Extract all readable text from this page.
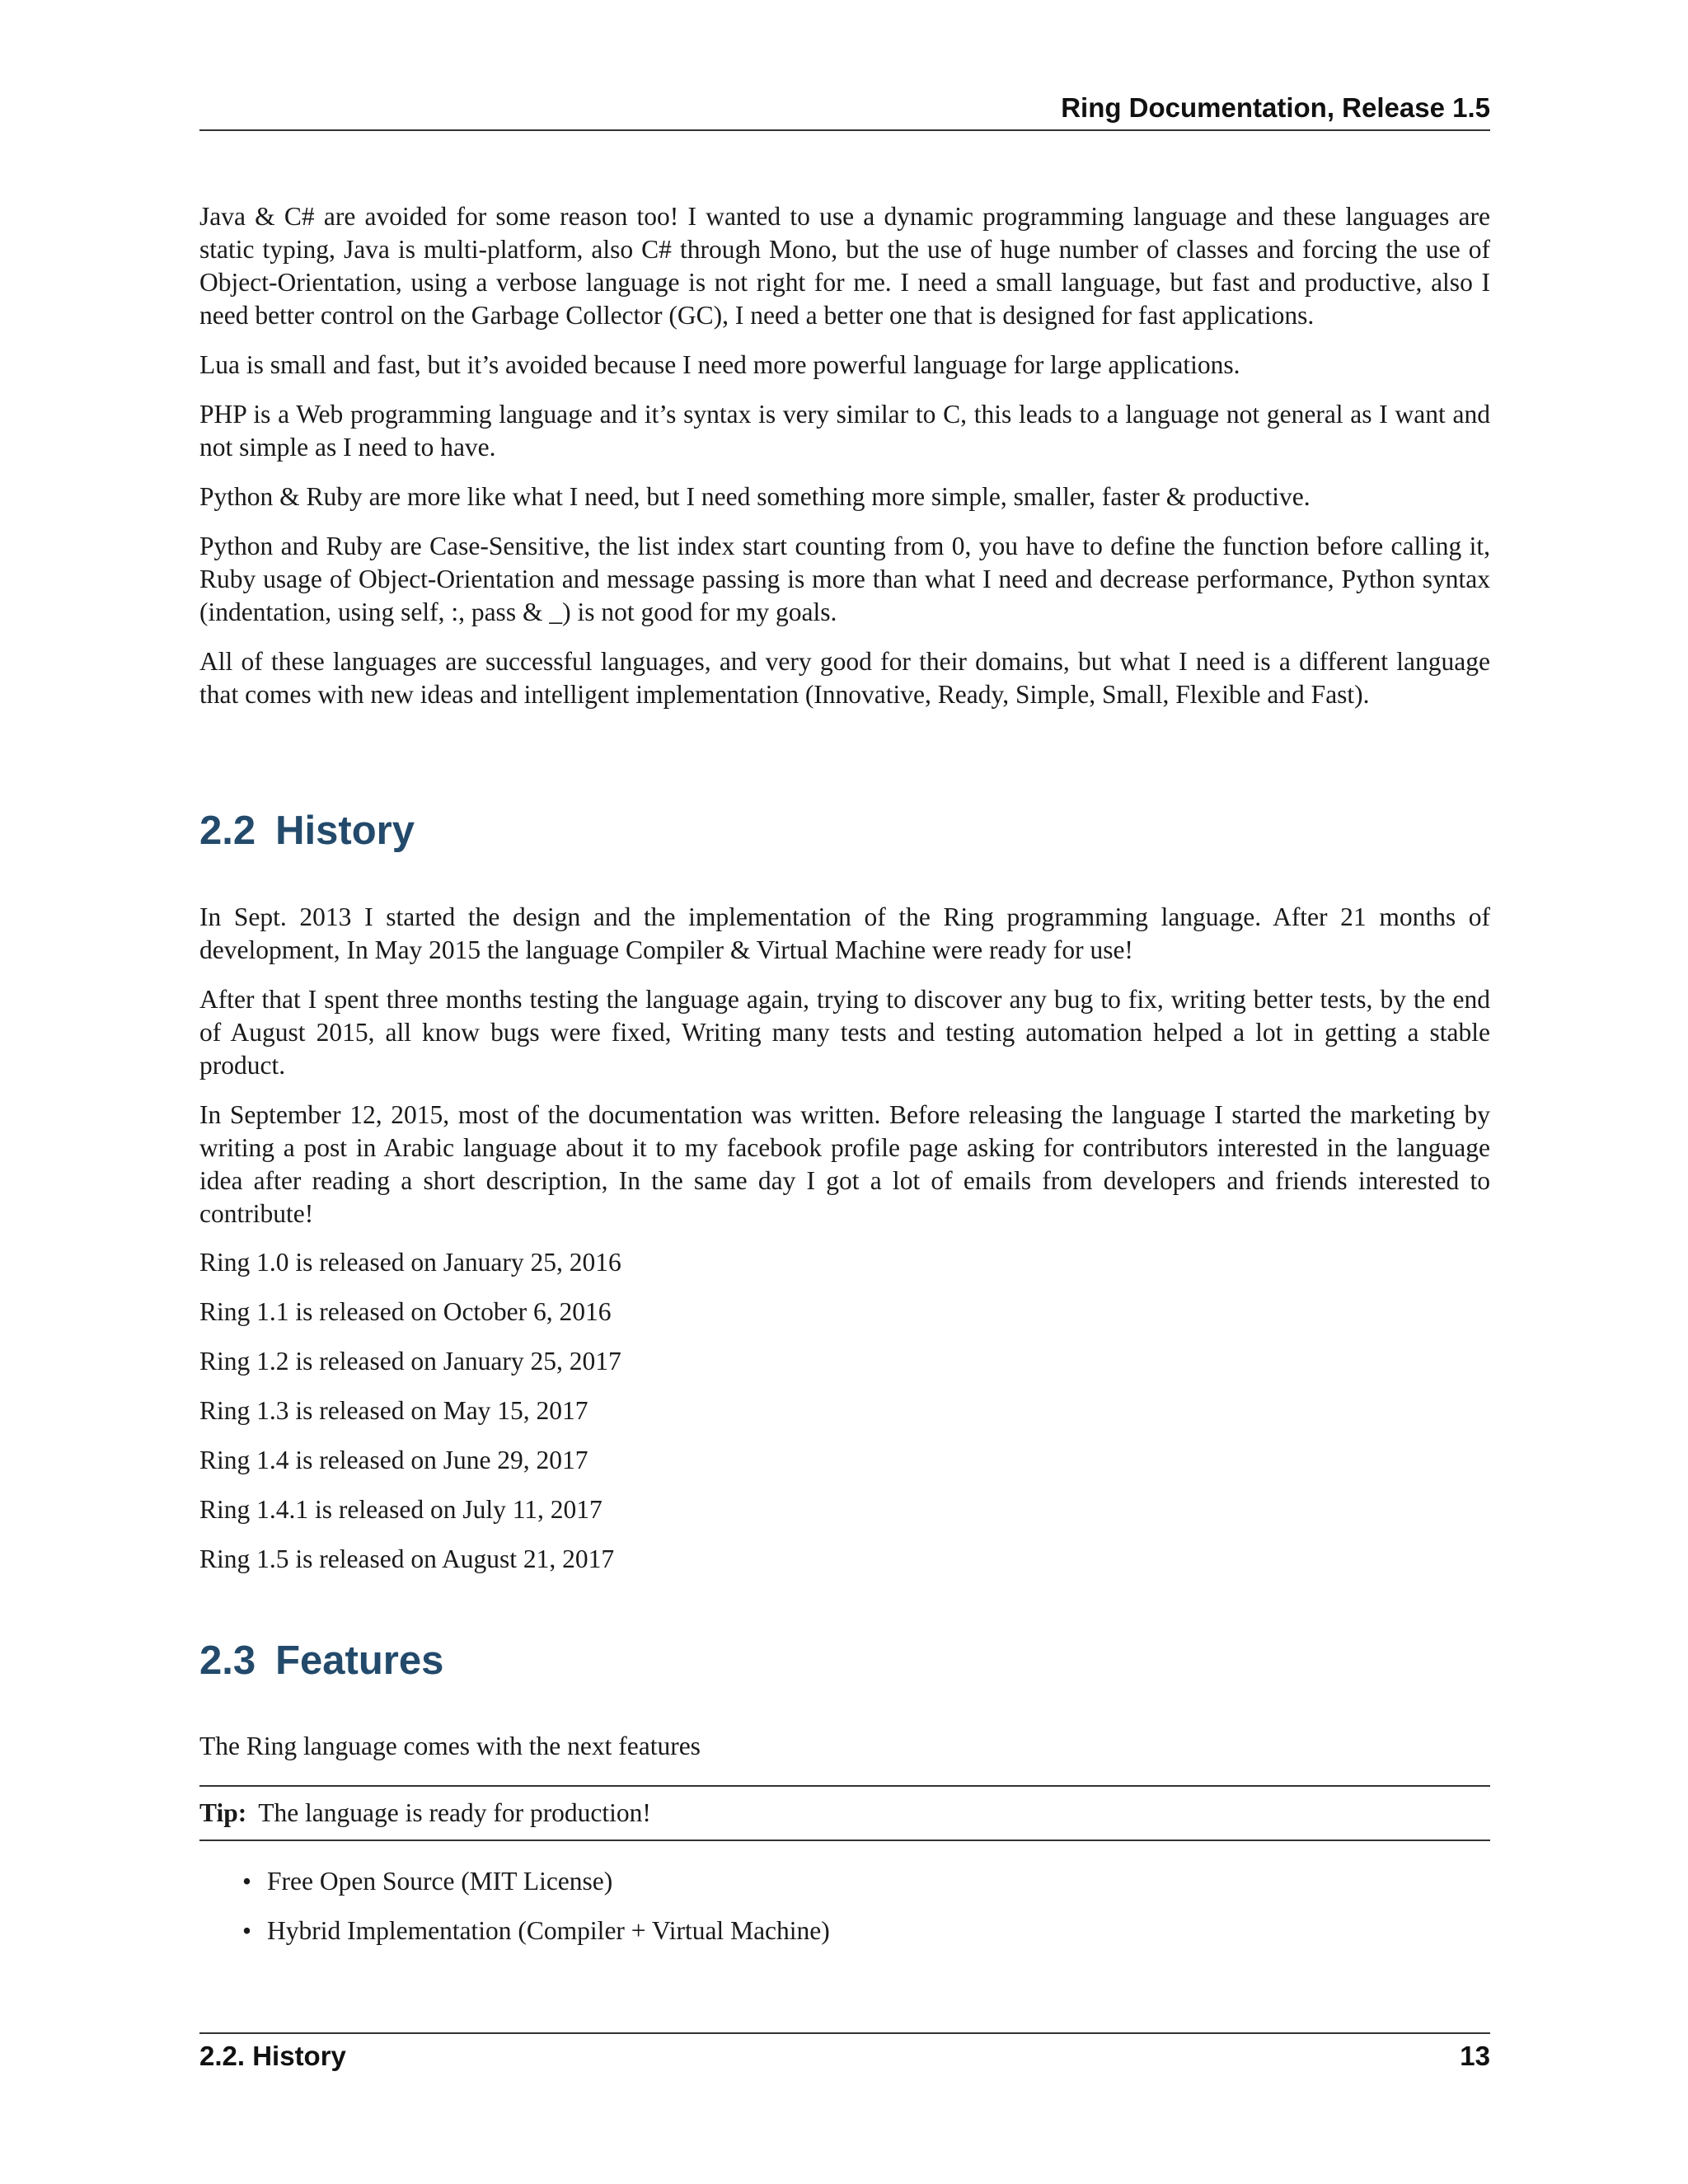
Ring Documentation, Release 1.5

Java & C# are avoided for some reason too! I wanted to use a dynamic programming language and these languages are static typing, Java is multi-platform, also C# through Mono, but the use of huge number of classes and forcing the use of Object-Orientation, using a verbose language is not right for me. I need a small language, but fast and productive, also I need better control on the Garbage Collector (GC), I need a better one that is designed for fast applications.

Lua is small and fast, but it’s avoided because I need more powerful language for large applications.

PHP is a Web programming language and it’s syntax is very similar to C, this leads to a language not general as I want and not simple as I need to have.

Python & Ruby are more like what I need, but I need something more simple, smaller, faster & productive.

Python and Ruby are Case-Sensitive, the list index start counting from 0, you have to define the function before calling it, Ruby usage of Object-Orientation and message passing is more than what I need and decrease performance, Python syntax (indentation, using self, :, pass & _) is not good for my goals.

All of these languages are successful languages, and very good for their domains, but what I need is a different language that comes with new ideas and intelligent implementation (Innovative, Ready, Simple, Small, Flexible and Fast).

2.2 History

In Sept. 2013 I started the design and the implementation of the Ring programming language. After 21 months of development, In May 2015 the language Compiler & Virtual Machine were ready for use!

After that I spent three months testing the language again, trying to discover any bug to fix, writing better tests, by the end of August 2015, all know bugs were fixed, Writing many tests and testing automation helped a lot in getting a stable product.

In September 12, 2015, most of the documentation was written. Before releasing the language I started the marketing by writing a post in Arabic language about it to my facebook profile page asking for contributors interested in the language idea after reading a short description, In the same day I got a lot of emails from developers and friends interested to contribute!

Ring 1.0 is released on January 25, 2016
Ring 1.1 is released on October 6, 2016
Ring 1.2 is released on January 25, 2017
Ring 1.3 is released on May 15, 2017
Ring 1.4 is released on June 29, 2017
Ring 1.4.1 is released on July 11, 2017
Ring 1.5 is released on August 21, 2017
2.3 Features
The Ring language comes with the next features
Tip: The language is ready for production!
• Free Open Source (MIT License)
• Hybrid Implementation (Compiler + Virtual Machine)
2.2. History	13
